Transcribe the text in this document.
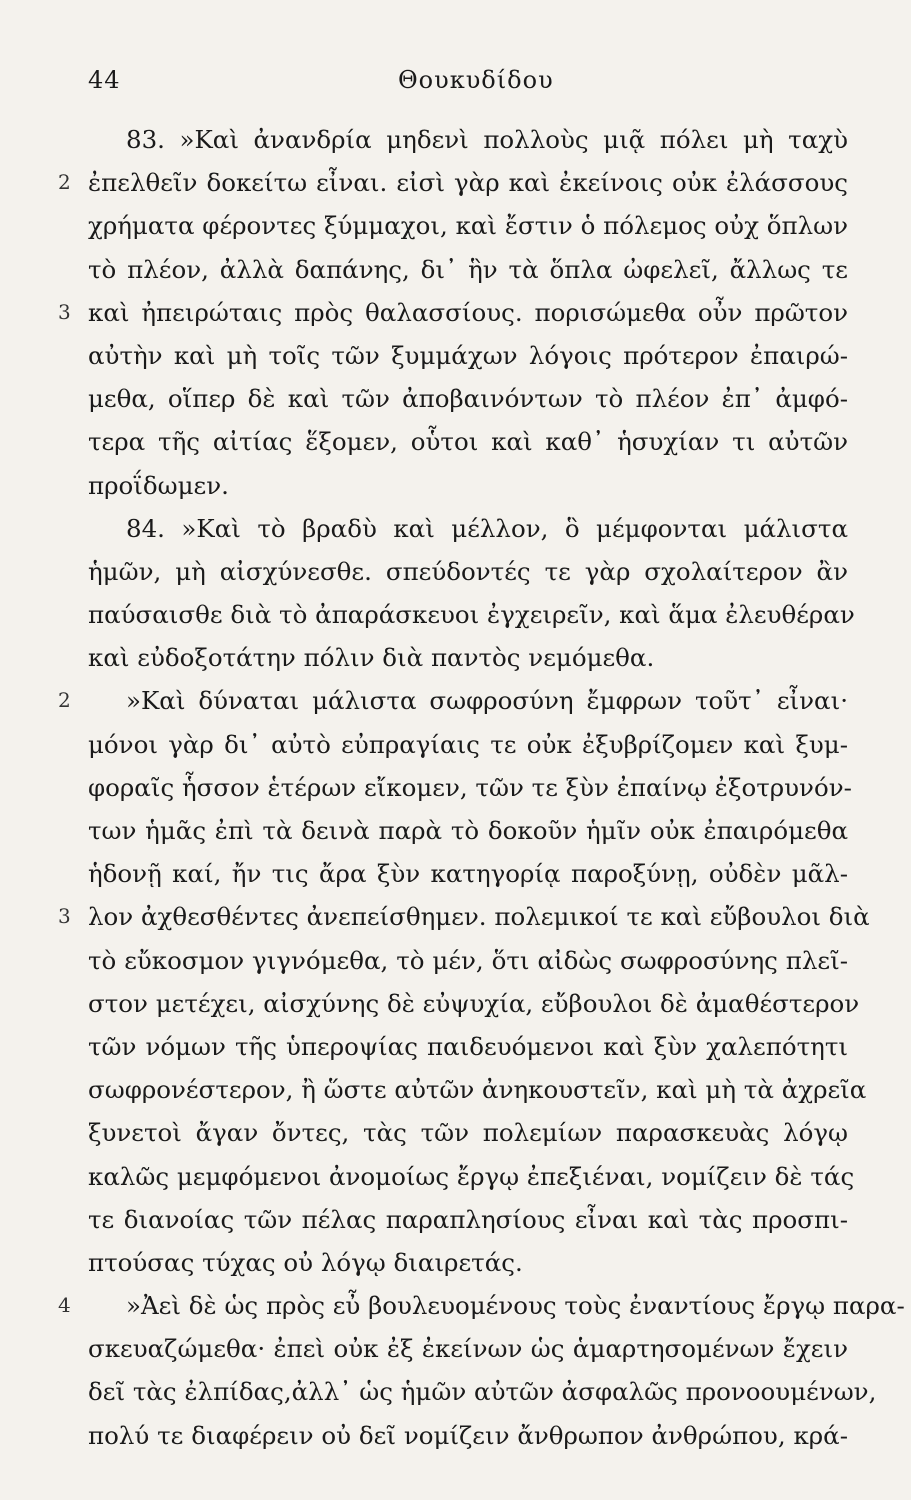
44	Θουκυδίδου
83. »Καὶ ἀνανδρία μηδενὶ πολλοὺς μιᾷ πόλει μὴ ταχὺ
2 ἐπελθεῖν δοκείτω εἶναι. εἰσὶ γὰρ καὶ ἐκείνοις οὐκ ἐλάσσους
χρήματα φέροντες ξύμμαχοι, καὶ ἔστιν ὁ πόλεμος οὐχ ὅπλων
τὸ πλέον, ἀλλὰ δαπάνης, δι᾽ ἣν τὰ ὅπλα ὠφελεῖ, ἄλλως τε
3 καὶ ἠπειρώταις πρὸς θαλασσίους. πορισώμεθα οὖν πρῶτον
αὐτὴν καὶ μὴ τοῖς τῶν ξυμμάχων λόγοις πρότερον ἐπαιρώ-
μεθα, οἵπερ δὲ καὶ τῶν ἀποβαινόντων τὸ πλέον ἐπ᾽ ἀμφό-
τερα τῆς αἰτίας ἕξομεν, οὗτοι καὶ καθ᾽ ἡσυχίαν τι αὐτῶν
προΐδωμεν.
84. »Καὶ τὸ βραδὺ καὶ μέλλον, ὃ μέμφονται μάλιστα
ἡμῶν, μὴ αἰσχύνεσθε. σπεύδοντές τε γὰρ σχολαίτερον ἂν
παύσαισθε διὰ τὸ ἀπαράσκευοι ἐγχειρεῖν, καὶ ἅμα ἐλευθέραν
καὶ εὐδοξοτάτην πόλιν διὰ παντὸς νεμόμεθα.
2 »Καὶ δύναται μάλιστα σωφροσύνη ἔμφρων τοῦτ᾽ εἶναι·
μόνοι γὰρ δι᾽ αὐτὸ εὐπραγίαις τε οὐκ ἐξυβρίζομεν καὶ ξυμ-
φοραῖς ἧσσον ἑτέρων εἴκομεν, τῶν τε ξὺν ἐπαίνῳ ἐξοτρυνόν-
των ἡμᾶς ἐπὶ τὰ δεινὰ παρὰ τὸ δοκοῦν ἡμῖν οὐκ ἐπαιρόμεθα
ἡδονῇ καί, ἤν τις ἄρα ξὺν κατηγορίᾳ παροξύνῃ, οὐδὲν μᾶλ-
3 λον ἀχθεσθέντες ἀνεπείσθημεν. πολεμικοί τε καὶ εὔβουλοι διὰ
τὸ εὔκοσμον γιγνόμεθα, τὸ μέν, ὅτι αἰδὼς σωφροσύνης πλεῖ-
στον μετέχει, αἰσχύνης δὲ εὐψυχία, εὔβουλοι δὲ ἀμαθέστερον
τῶν νόμων τῆς ὑπεροψίας παιδευόμενοι καὶ ξὺν χαλεπότητι
σωφρονέστερον, ἢ ὥστε αὐτῶν ἀνηκουστεῖν, καὶ μὴ τὰ ἀχρεῖα
ξυνετοὶ ἄγαν ὄντες, τὰς τῶν πολεμίων παρασκευὰς λόγῳ
καλῶς μεμφόμενοι ἀνομοίως ἔργῳ ἐπεξιέναι, νομίζειν δὲ τάς
τε διανοίας τῶν πέλας παραπλησίους εἶναι καὶ τὰς προσπι-
πτούσας τύχας οὐ λόγῳ διαιρετάς.
4 »Ἀεὶ δὲ ὡς πρὸς εὖ βουλευομένους τοὺς ἐναντίους ἔργῳ παρα-
σκευαζώμεθα· ἐπεὶ οὐκ ἐξ ἐκείνων ὡς ἁμαρτησομένων ἔχειν
δεῖ τὰς ἐλπίδας,ἀλλ᾽ ὡς ἡμῶν αὐτῶν ἀσφαλῶς προνοουμένων,
πολύ τε διαφέρειν οὐ δεῖ νομίζειν ἄνθρωπον ἀνθρώπου, κρά-
